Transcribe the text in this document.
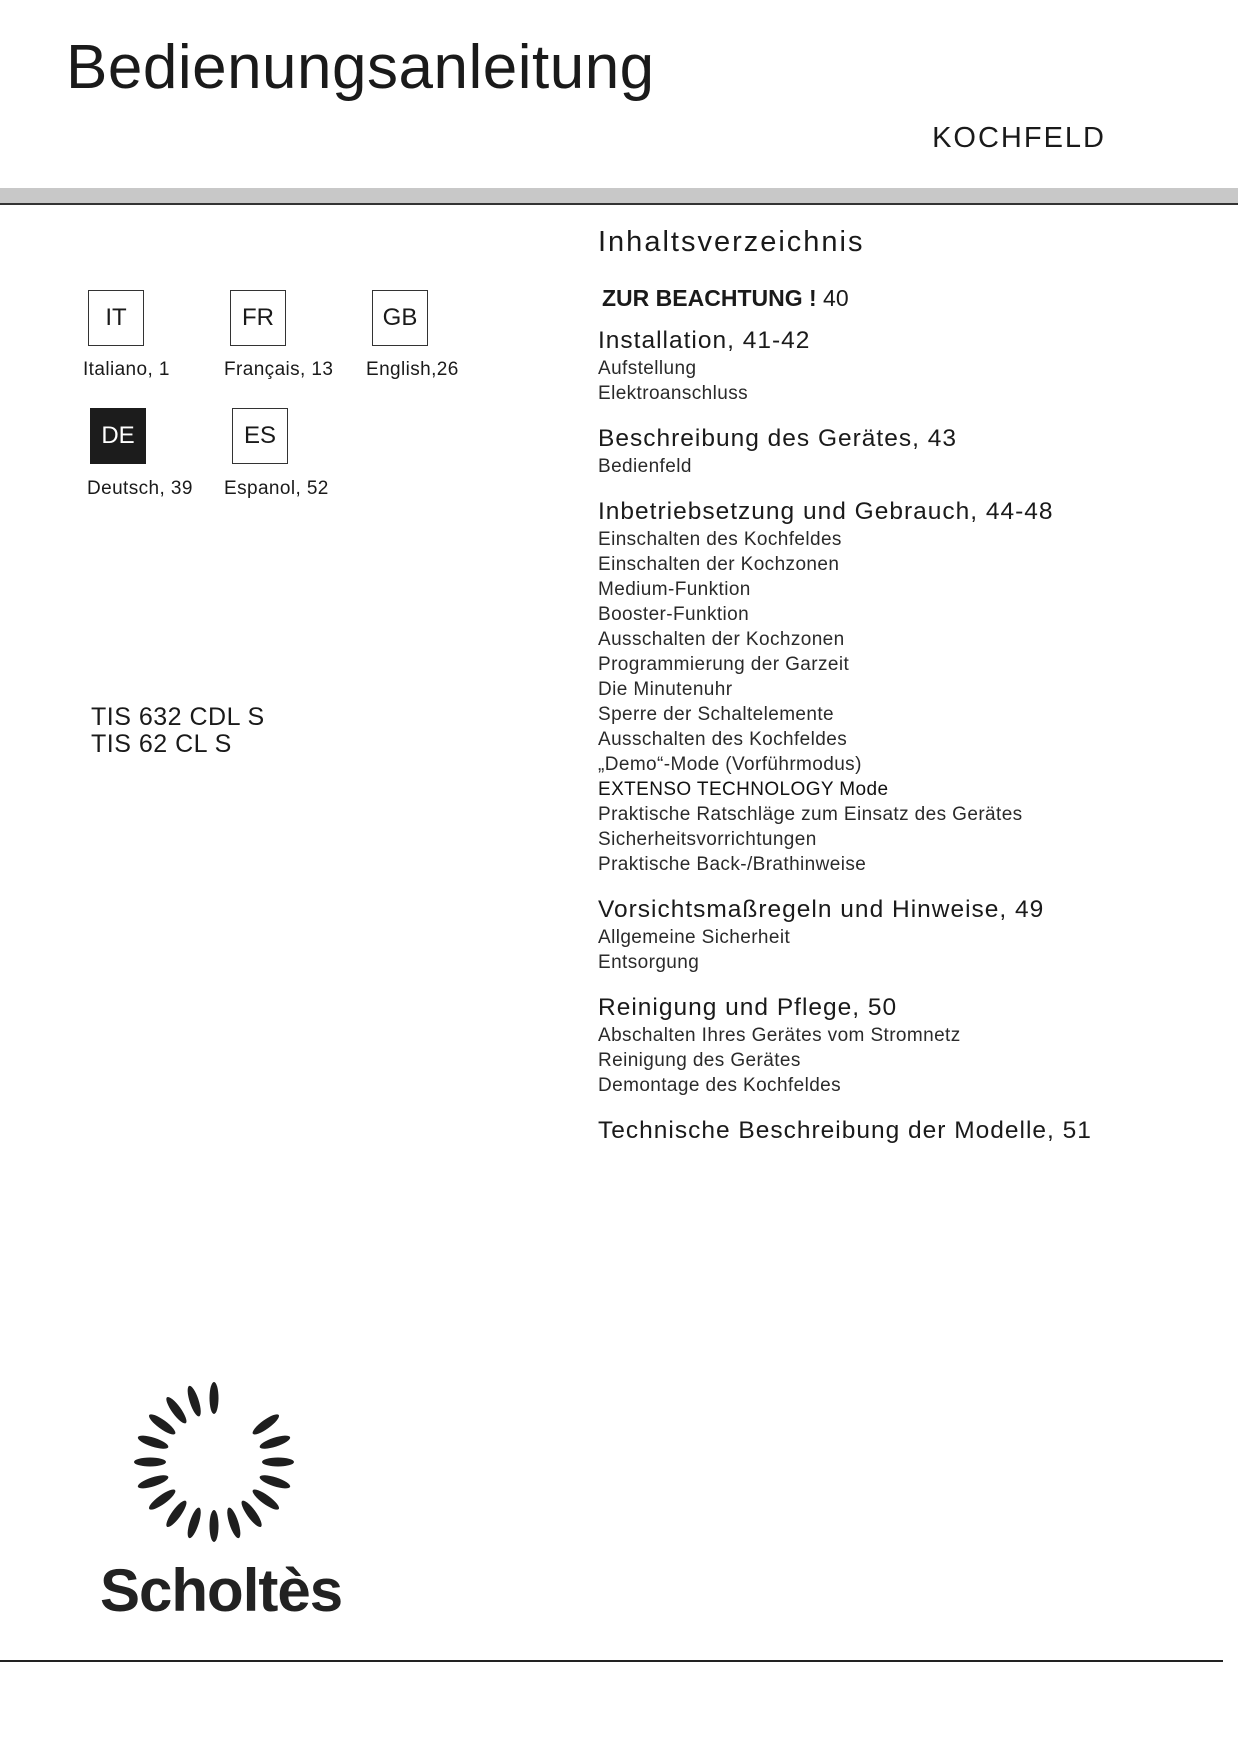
Bedienungsanleitung
KOCHFELD
IT
Italiano, 1
FR
Français, 13
GB
English,26
DE
Deutsch, 39
ES
Espanol, 52
TIS 632 CDL S
TIS 62 CL S
Inhaltsverzeichnis
ZUR BEACHTUNG ! 40
Installation, 41-42
Aufstellung
Elektroanschluss
Beschreibung des Gerätes, 43
Bedienfeld
Inbetriebsetzung und Gebrauch, 44-48
Einschalten des Kochfeldes
Einschalten der Kochzonen
Medium-Funktion
Booster-Funktion
Ausschalten der Kochzonen
Programmierung der Garzeit
Die Minutenuhr
Sperre der Schaltelemente
Ausschalten des Kochfeldes
„Demo“-Mode (Vorführmodus)
EXTENSO TECHNOLOGY Mode
Praktische Ratschläge zum Einsatz des Gerätes
Sicherheitsvorrichtungen
Praktische Back-/Brathinweise
Vorsichtsmaßregeln und Hinweise, 49
Allgemeine Sicherheit
Entsorgung
Reinigung und Pflege, 50
Abschalten Ihres Gerätes vom Stromnetz
Reinigung des Gerätes
Demontage des Kochfeldes
Technische Beschreibung der Modelle, 51
Scholtès
